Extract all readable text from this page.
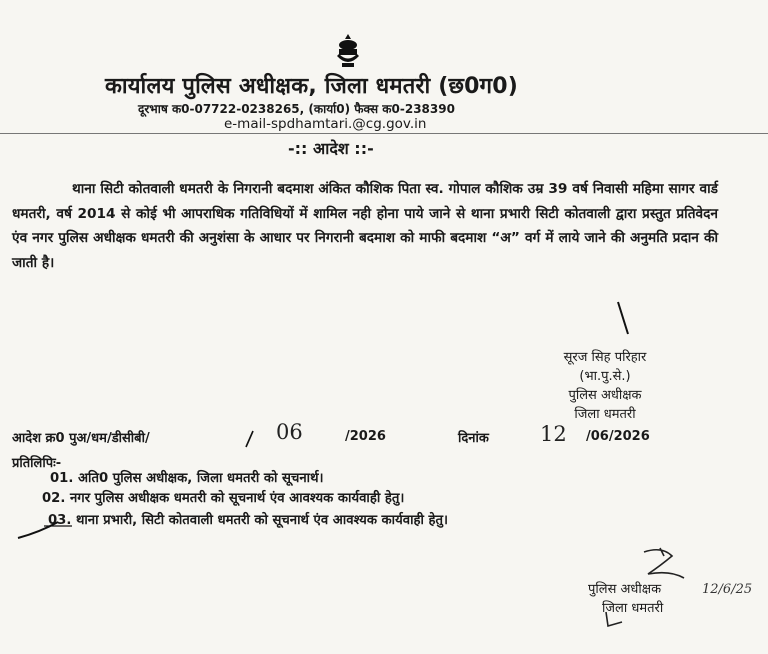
कार्यालय पुलिस अधीक्षक, जिला धमतरी (छ0ग0)
दूरभाष क0-07722-0238265, (कार्या0) फैक्स क0-238390
e-mail-spdhamtari.@cg.gov.in
-:: आदेश ::-
थाना सिटी कोतवाली धमतरी के निगरानी बदमाश अंकित कौशिक पिता स्व. गोपाल कौशिक उम्र 39 वर्ष निवासी महिमा सागर वार्ड धमतरी, वर्ष 2014 से कोई भी आपराधिक गतिविधियों में शामिल नही होना पाये जाने से थाना प्रभारी सिटी कोतवाली द्वारा प्रस्तुत प्रतिवेदन एंव नगर पुलिस अधीक्षक धमतरी की अनुशंसा के आधार पर निगरानी बदमाश को माफी बदमाश “अ” वर्ग में लाये जाने की अनुमति प्रदान की जाती है।
सूरज सिह परिहार
(भा.पु.से.)
पुलिस अधीक्षक
जिला धमतरी
आदेश क्र0 पुअ/धम/डीसीबी/	06	/2026	दिनांक 12 /06/2026
प्रतिलिपिः-
01. अति0 पुलिस अधीक्षक, जिला धमतरी को सूचनार्थ।
02. नगर पुलिस अधीक्षक धमतरी को सूचनार्थ एंव आवश्यक कार्यवाही हेतु।
03. थाना प्रभारी, सिटी कोतवाली धमतरी को सूचनार्थ एंव आवश्यक कार्यवाही हेतु।
पुलिस अधीक्षक
जिला धमतरी
12/6/25
